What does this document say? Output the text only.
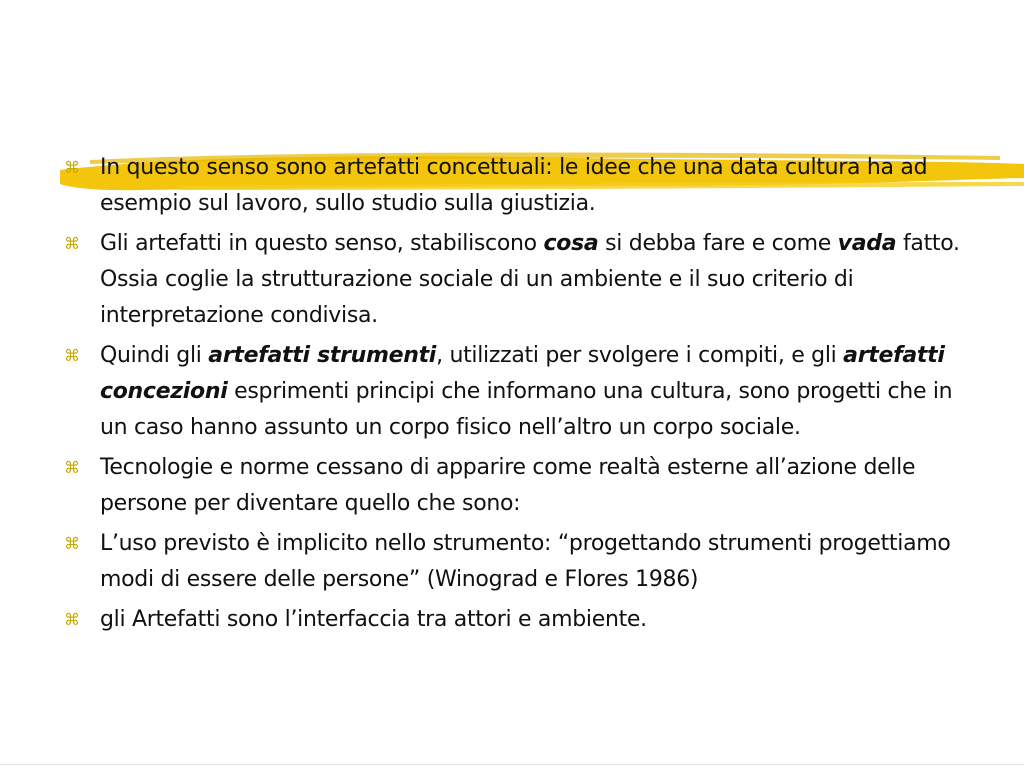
⌘ In questo senso sono artefatti concettuali: le idee che una data cultura ha ad esempio sul lavoro, sullo studio sulla giustizia.
⌘ Gli artefatti in questo senso, stabiliscono cosa si debba fare e come vada fatto. Ossia coglie la strutturazione sociale di un ambiente e il suo criterio di interpretazione condivisa.
⌘ Quindi gli artefatti strumenti, utilizzati per svolgere i compiti, e gli artefatti concezioni esprimenti principi che informano una cultura, sono progetti che in un caso hanno assunto un corpo fisico nell’altro un corpo sociale.
⌘ Tecnologie e norme cessano di apparire come realtà esterne all’azione delle persone per diventare quello che sono:
⌘ L’uso previsto è implicito nello strumento: “progettando strumenti progettiamo modi di essere delle persone” (Winograd e Flores 1986)
⌘ gli Artefatti sono l’interfaccia tra attori e ambiente.
